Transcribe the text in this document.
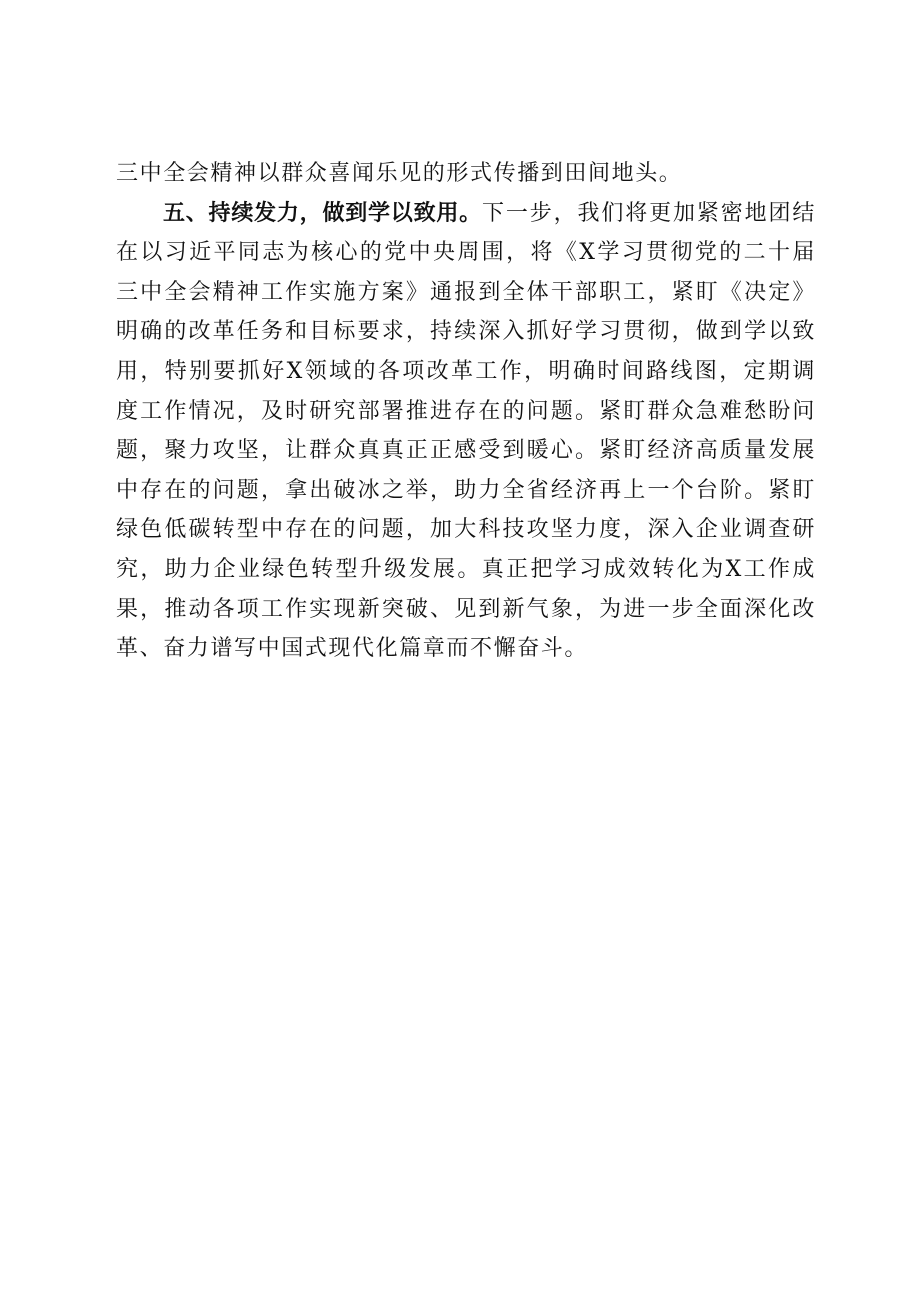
三中全会精神以群众喜闻乐见的形式传播到田间地头。

五、持续发力，做到学以致用。下一步，我们将更加紧密地团结在以习近平同志为核心的党中央周围，将《X学习贯彻党的二十届三中全会精神工作实施方案》通报到全体干部职工，紧盯《决定》明确的改革任务和目标要求，持续深入抓好学习贯彻，做到学以致用，特别要抓好X领域的各项改革工作，明确时间路线图，定期调度工作情况，及时研究部署推进存在的问题。紧盯群众急难愁盼问题，聚力攻坚，让群众真真正正感受到暖心。紧盯经济高质量发展中存在的问题，拿出破冰之举，助力全省经济再上一个台阶。紧盯绿色低碳转型中存在的问题，加大科技攻坚力度，深入企业调查研究，助力企业绿色转型升级发展。真正把学习成效转化为X工作成果，推动各项工作实现新突破、见到新气象，为进一步全面深化改革、奋力谱写中国式现代化篇章而不懈奋斗。
